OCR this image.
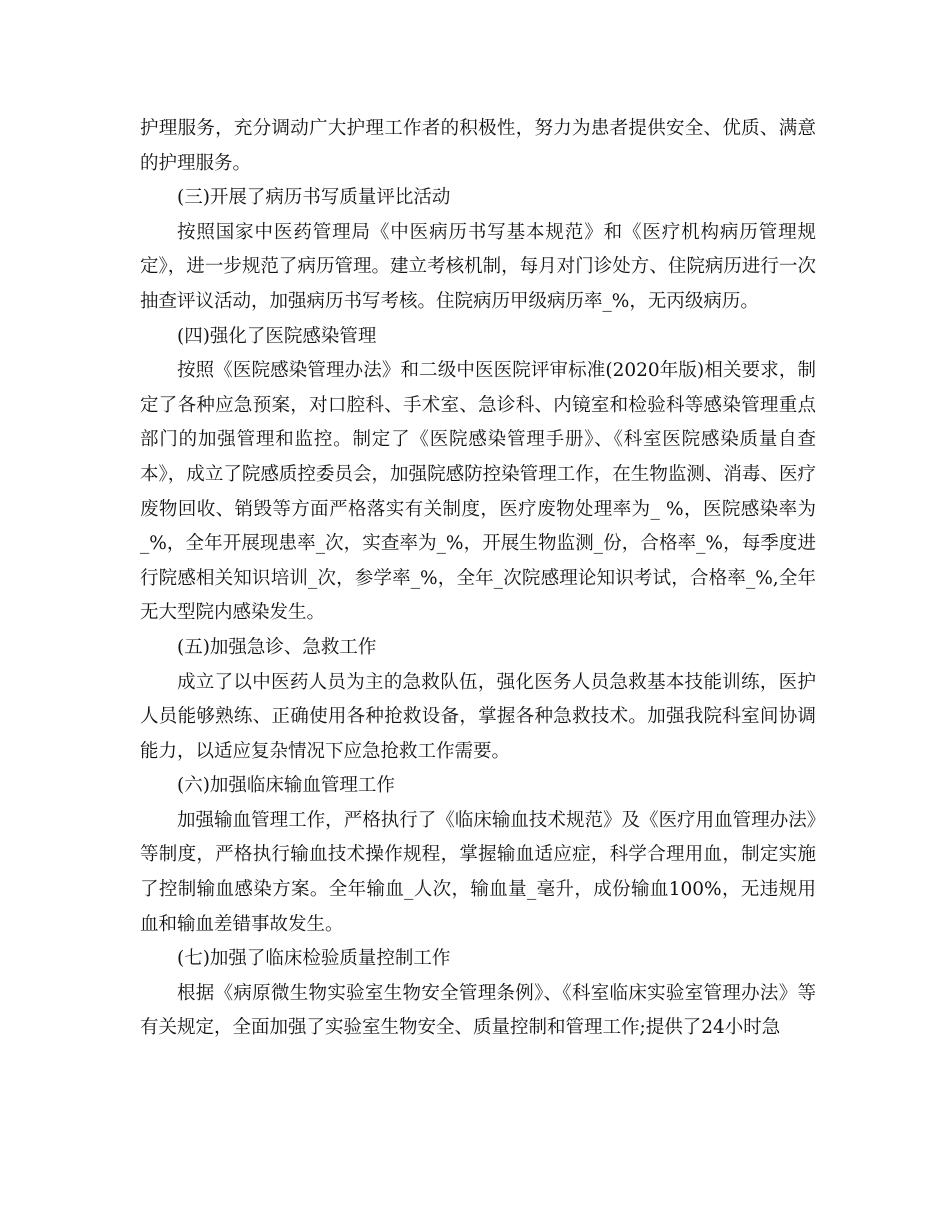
护理服务，充分调动广大护理工作者的积极性，努力为患者提供安全、优质、满意的护理服务。

(三)开展了病历书写质量评比活动

按照国家中医药管理局《中医病历书写基本规范》和《医疗机构病历管理规定》，进一步规范了病历管理。建立考核机制，每月对门诊处方、住院病历进行一次抽查评议活动，加强病历书写考核。住院病历甲级病历率_%，无丙级病历。

(四)强化了医院感染管理

按照《医院感染管理办法》和二级中医医院评审标准(2020年版)相关要求，制定了各种应急预案，对口腔科、手术室、急诊科、内镜室和检验科等感染管理重点部门的加强管理和监控。制定了《医院感染管理手册》、《科室医院感染质量自查本》，成立了院感质控委员会，加强院感防控染管理工作，在生物监测、消毒、医疗废物回收、销毁等方面严格落实有关制度，医疗废物处理率为_ %，医院感染率为_%，全年开展现患率_次，实查率为_%，开展生物监测_份，合格率_%，每季度进行院感相关知识培训_次，参学率_%，全年_次院感理论知识考试，合格率_%,全年无大型院内感染发生。

(五)加强急诊、急救工作

成立了以中医药人员为主的急救队伍，强化医务人员急救基本技能训练，医护人员能够熟练、正确使用各种抢救设备，掌握各种急救技术。加强我院科室间协调能力，以适应复杂情况下应急抢救工作需要。

(六)加强临床输血管理工作

加强输血管理工作，严格执行了《临床输血技术规范》及《医疗用血管理办法》等制度，严格执行输血技术操作规程，掌握输血适应症，科学合理用血，制定实施了控制输血感染方案。全年输血_人次，输血量_毫升，成份输血100%，无违规用血和输血差错事故发生。

(七)加强了临床检验质量控制工作

根据《病原微生物实验室生物安全管理条例》、《科室临床实验室管理办法》等有关规定，全面加强了实验室生物安全、质量控制和管理工作;提供了24小时急
